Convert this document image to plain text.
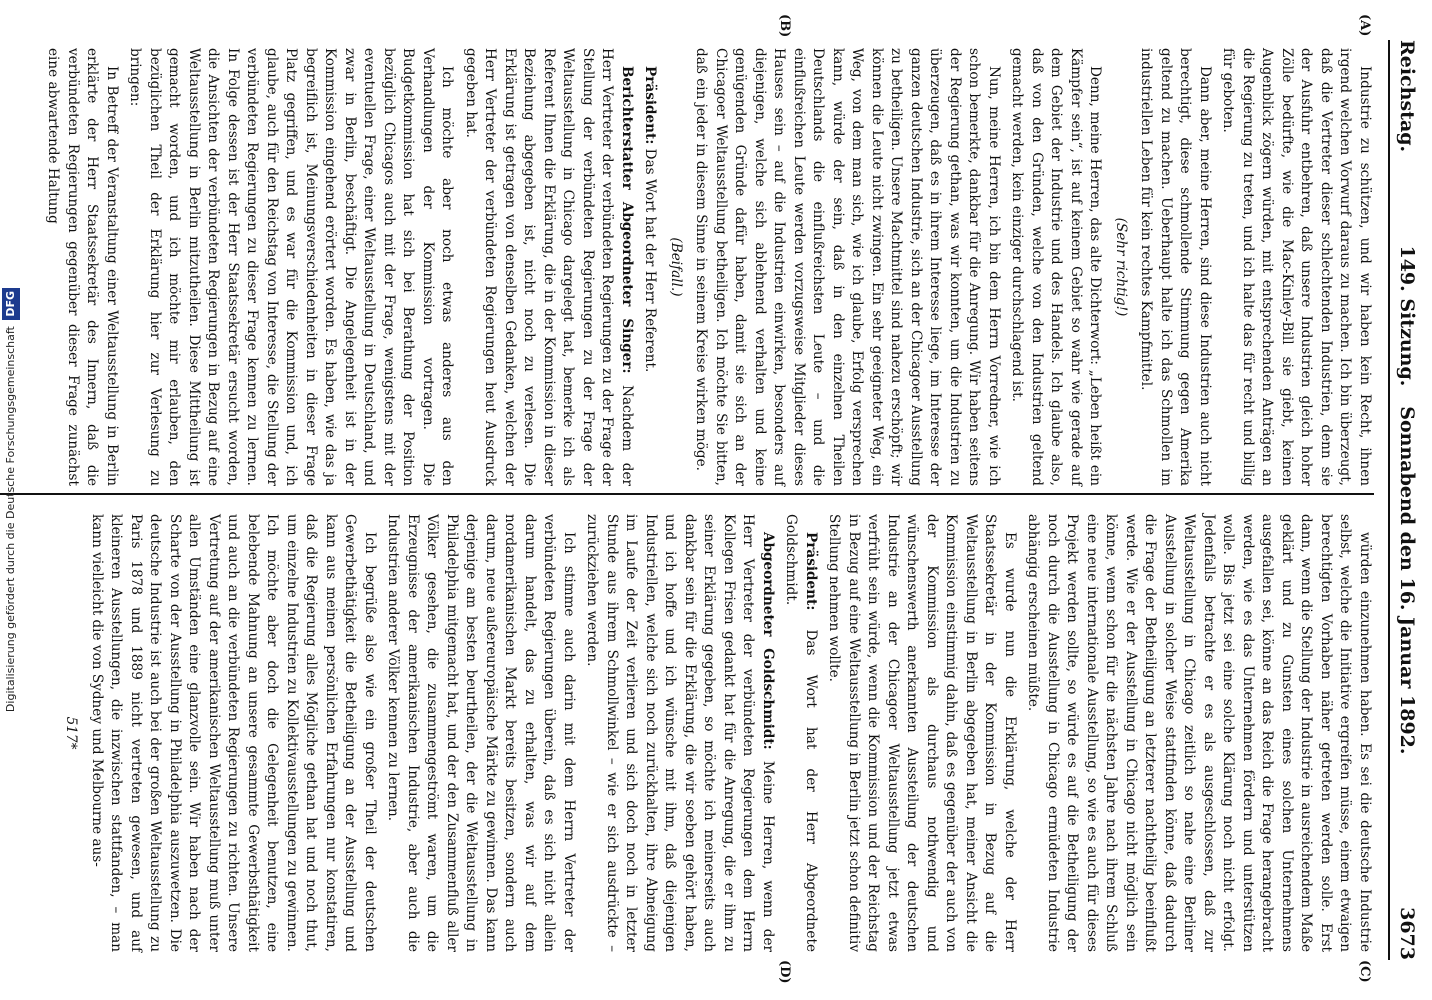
Reichstag.
149. Sitzung.   Sonnabend den 16. Januar 1892.
3673
(A)
(B)
(C)
(D)

Industrie zu schützen, und wir haben kein Recht, ihnen irgend welchen Vorwurf daraus zu machen. Ich bin überzeugt, daß die Vertreter dieser schlechtenden Industrien, denn sie der Ausfuhr entbehren, daß unsere Industrien gleich hoher Zölle bedürfte, wie die Mac-Kinley-Bill sie giebt, keinen Augenblick zögern würden, mit entsprechenden Anträgen an die Regierung zu treten, und ich halte das für recht und billig für geboten.

Dann aber, meine Herren, sind diese Industrien auch nicht berechtigt, diese schmollende Stimmung gegen Amerika geltend zu machen. Ueberhaupt halte ich das Schmollen im industriellen Leben für kein rechtes Kampfmittel.

(Sehr richtig!)

Denn, meine Herren, das alte Dichterwort: „Leben heißt ein Kämpfer sein“, ist auf keinem Gebiet so wahr wie gerade auf dem Gebiet der Industrie und des Handels. Ich glaube also, daß von den Gründen, welche von den Industrien geltend gemacht werden, kein einziger durchschlagend ist.

Nun, meine Herren, ich bin dem Herrn Vorredner, wie ich schon bemerkte, dankbar für die Anregung. Wir haben seitens der Regierung gethan, was wir konnten, um die Industrien zu überzeugen, daß es in ihrem Interesse liege, im Interesse der ganzen deutschen Industrie, sich an der Chicagoer Ausstellung zu betheiligen. Unsere Machtmittel sind nahezu erschöpft; wir können die Leute nicht zwingen. Ein sehr geeigneter Weg, ein Weg, von dem man sich, wie ich glaube, Erfolg versprechen kann, würde der sein, daß in den einzelnen Theilen Deutschlands die einflußreichsten Leute – und die einflußreichen Leute werden vorzugsweise Mitglieder dieses Hauses sein – auf die Industrien einwirken, besonders auf diejenigen, welche sich ablehnend verhalten und keine genügenden Gründe dafür haben, damit sie sich an der Chicagoer Weltausstellung betheiligen. Ich möchte Sie bitten, daß ein jeder in diesem Sinne in seinem Kreise wirken möge.

(Beifall.)

Präsident: Das Wort hat der Herr Referent.

Berichterstatter Abgeordneter Singer: Nachdem der Herr Vertreter der verbündeten Regierungen zu der Frage der Stellung der verbündeten Regierungen zu der Frage der Weltausstellung in Chicago dargelegt hat, bemerke ich als Referent Ihnen die Erklärung, die in der Kommission in dieser Beziehung abgegeben ist, nicht noch zu verlesen. Die Erklärung ist getragen von denselben Gedanken, welchen der Herr Vertreter der verbündeten Regierungen heut Ausdruck gegeben hat.

Ich möchte aber noch etwas anderes aus den Verhandlungen der Kommission vortragen. Die Budgetkommission hat sich bei Berathung der Position bezüglich Chicagos auch mit der Frage, wenigstens mit der eventuellen Frage, einer Weltausstellung in Deutschland, und zwar in Berlin, beschäftigt. Die Angelegenheit ist in der Kommission eingehend erörtert worden. Es haben, wie das ja begreiflich ist, Meinungsverschiedenheiten in dieser Frage Platz gegriffen, und es war für die Kommission und, ich glaube, auch für den Reichstag von Interesse, die Stellung der verbündeten Regierungen zu dieser Frage kennen zu lernen. In Folge dessen ist der Herr Staatssekretär ersucht worden, die Ansichten der verbündeten Regierungen in Bezug auf eine Weltausstellung in Berlin mitzutheilen. Diese Mittheilung ist gemacht worden, und ich möchte mir erlauben, den bezüglichen Theil der Erklärung hier zur Verlesung zu bringen:

In Betreff der Veranstaltung einer Weltausstellung in Berlin erklärte der Herr Staatssekretär des Innern, daß die verbündeten Regierungen gegenüber dieser Frage zunächst eine abwartende Haltung

würden einzunehmen haben. Es sei die deutsche Industrie selbst, welche die Initiative ergreifen müsse, einem etwaigen berechtigten Vorhaben näher getreten werden solle. Erst dann, wenn die Stellung der Industrie in ausreichendem Maße geklärt und zu Gunsten eines solchen Unternehmens ausgefallen sei, könne an das Reich die Frage herangebracht werden, wie es das Unternehmen fördern und unterstützen wolle. Bis jetzt sei eine solche Klärung noch nicht erfolgt. Jedenfalls betrachte er es als ausgeschlossen, daß zur Weltausstellung in Chicago zeitlich so nahe eine Berliner Ausstellung in solcher Weise stattfinden könne, daß dadurch die Frage der Betheiligung an letzterer nachtheilig beeinflußt werde. Wie er der Ausstellung in Chicago nicht möglich sein könne, wenn schon für die nächsten Jahre nach ihrem Schluß eine neue internationale Ausstellung, so wie es auch für dieses Projekt werden sollte, so würde es auf die Betheiligung der noch durch die Ausstellung in Chicago ermüdeten Industrie abhängig erscheinen müßte.

Es wurde nun die Erklärung, welche der Herr Staatssekretär in der Kommission in Bezug auf die Weltausstellung in Berlin abgegeben hat, meiner Ansicht die Kommission einstimmig dahin, daß es gegenüber der auch von der Kommission als durchaus nothwendig und wünschenswerth anerkannten Aussteilung der deutschen Industrie an der Chicagoer Weltausstellung jetzt etwas verfrüht sein würde, wenn die Kommission und der Reichstag in Bezug auf eine Weltausstellung in Berlin jetzt schon definitiv Stellung nehmen wollte.

Präsident: Das Wort hat der Herr Abgeordnete Goldschmidt.

Abgeordneter Goldschmidt: Meine Herren, wenn der Herr Vertreter der verbündeten Regierungen dem Herrn Kollegen Frisen gedankt hat für die Anregung, die er ihm zu seiner Erklärung gegeben, so möchte ich meinerseits auch dankbar sein für die Erklärung, die wir soeben gehört haben, und ich hoffe und ich wünsche mit ihm, daß diejenigen Industriellen, welche sich noch zurückhalten, ihre Abneigung im Laufe der Zeit verlieren und sich doch noch in letzter Stunde aus ihrem Schmollwinkel – wie er sich ausdrückte – zurückziehen werden.

Ich stimme auch darin mit dem Herrn Vertreter der verbündeten Regierungen überein, daß es sich nicht allein darum handelt, das zu erhalten, was wir auf dem nordamerikanischen Markt bereits besitzen, sondern auch darum, neue außereuropäische Märkte zu gewinnen. Das kann derjenige am besten beurtheilen, der die Weltausstellung in Philadelphia mitgemacht hat, und der den Zusammenfluß aller Völker gesehen, die zusammengeströmt waren, um die Erzeugnisse der amerikanischen Industrie, aber auch die Industrien anderer Völker kennen zu lernen.

Ich begrüße also wie ein großer Theil der deutschen Gewerbethätigkeit die Betheiligung an der Ausstellung und kann aus meinen persönlichen Erfahrungen nur konstatiren, daß die Regierung alles Mögliche gethan hat und noch thut, um einzelne Industrien zu Kollektivausstellungen zu gewinnen. Ich möchte aber doch die Gelegenheit benutzen, eine belebende Mahnung an unsere gesammte Gewerbsthätigkeit und auch an die verbündeten Regierungen zu richten. Unsere Vertretung auf der amerikanischen Weltausstellung muß unter allen Umständen eine glanzvolle sein. Wir haben nach der Scharte von der Ausstellung in Philadelphia auszuwetzen. Die deutsche Industrie ist auch bei der großen Weltausstellung zu Paris 1878 und 1889 nicht vertreten gewesen, und auf kleineren Ausstellungen, die inzwischen stattfanden, – man kann vielleicht die von Sydney und Melbourne aus-

517*

Digitalisierung gefördert durch die Deutsche Forschungsgemeinschaft DFG
